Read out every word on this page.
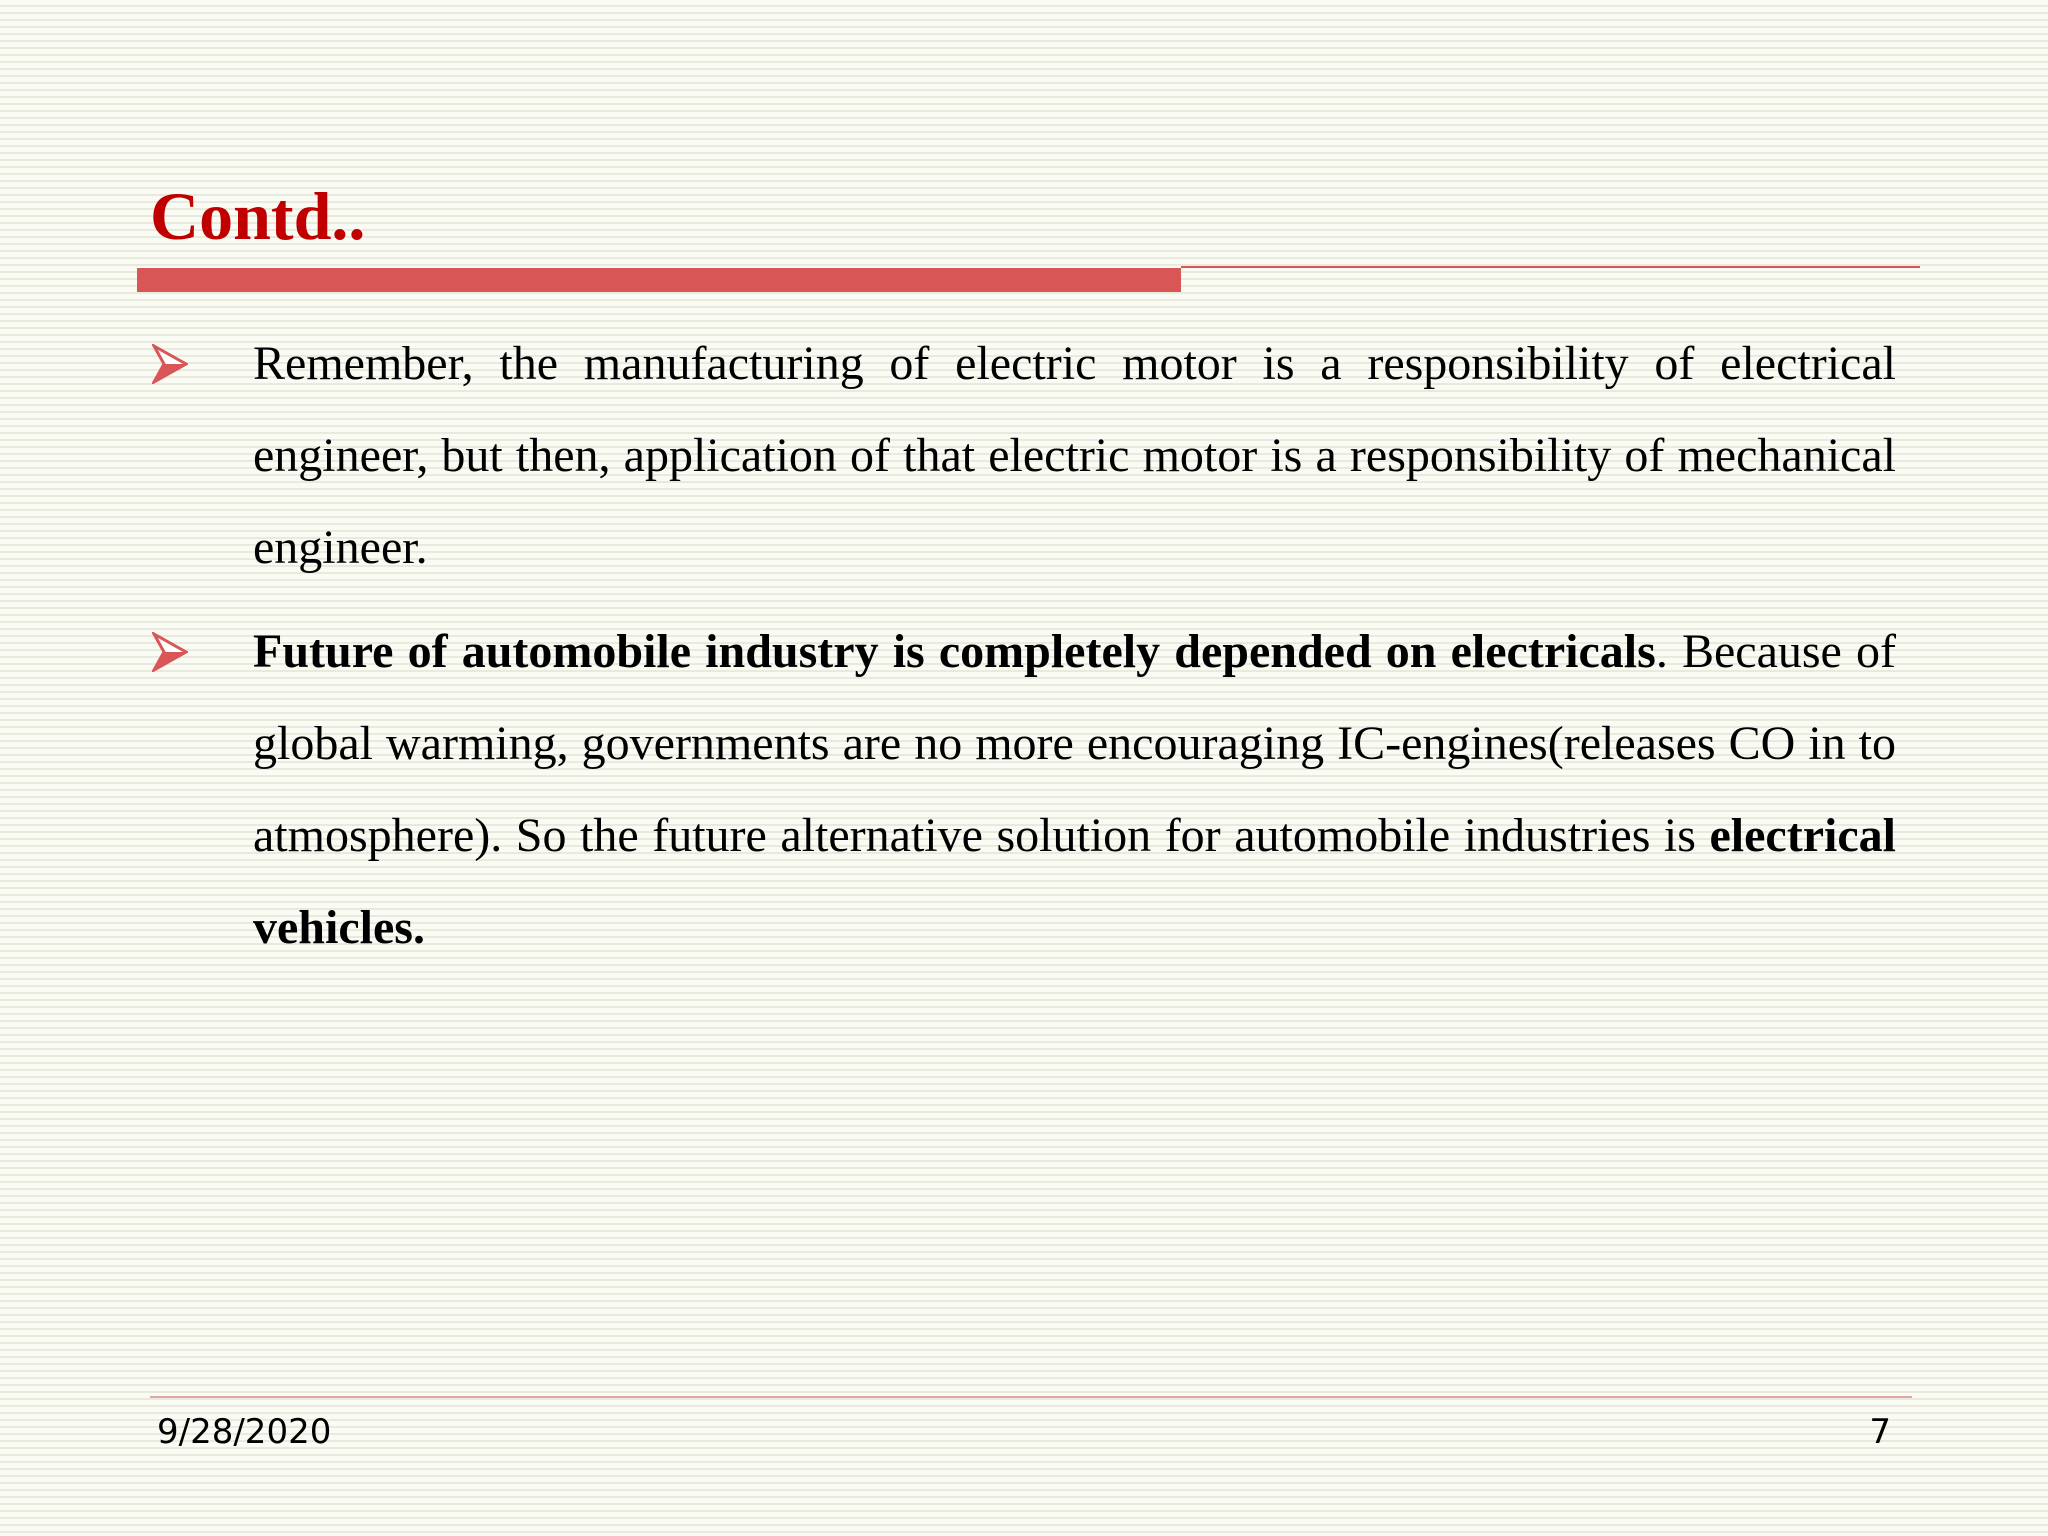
Contd..
Remember, the manufacturing of electric motor is a responsibility of electrical engineer, but then, application of that electric motor is a responsibility of mechanical engineer.
Future of automobile industry is completely depended on electricals. Because of global warming, governments are no more encouraging IC-engines(releases CO in to atmosphere). So the future alternative solution for automobile industries is electrical vehicles.
9/28/2020	7
